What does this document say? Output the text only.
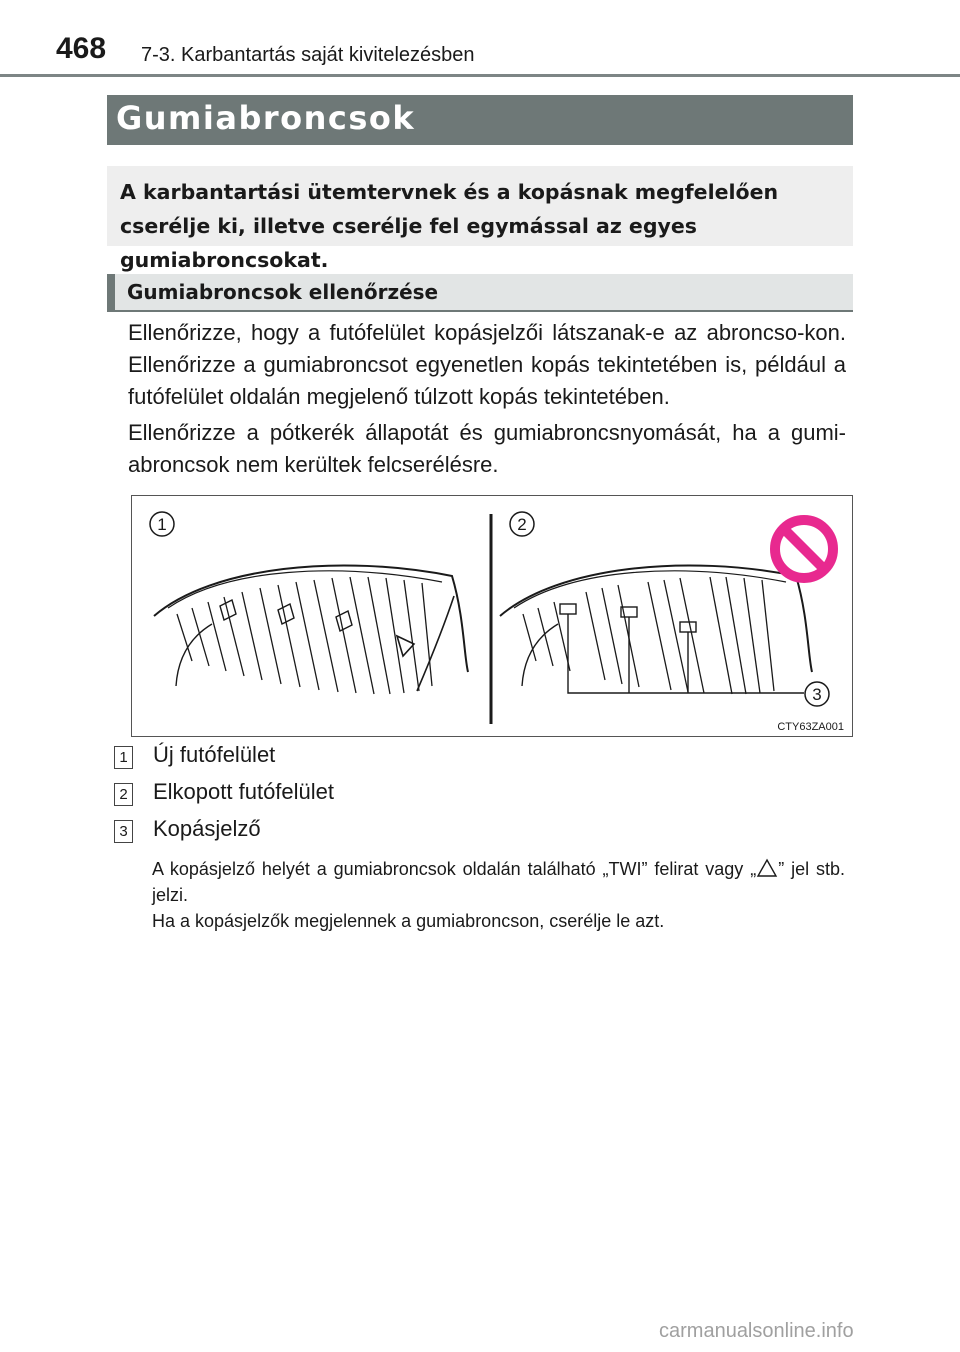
468 7-3. Karbantartás saját kivitelezésben
Gumiabroncsok

A karbantartási ütemtervnek és a kopásnak megfelelően cserélje ki, illetve cserélje fel egymással az egyes gumiabroncsokat.

Gumiabroncsok ellenőrzése

Ellenőrizze, hogy a futófelület kopásjelzői látszanak-e az abroncso-kon. Ellenőrizze a gumiabroncsot egyenetlen kopás tekintetében is, például a futófelület oldalán megjelenő túlzott kopás tekintetében.

Ellenőrizze a pótkerék állapotát és gumiabroncsnyomását, ha a gumi-abroncsok nem kerültek felcserélésre.

1	2
3
CTY63ZA001
1 Új futófelület
2 Elkopott futófelület
3 Kopásjelző

A kopásjelző helyét a gumiabroncsok oldalán található „TWI” felirat vagy „ ” jel stb. jelzi.

Ha a kopásjelzők megjelennek a gumiabroncson, cserélje le azt.

carmanualsonline.info
